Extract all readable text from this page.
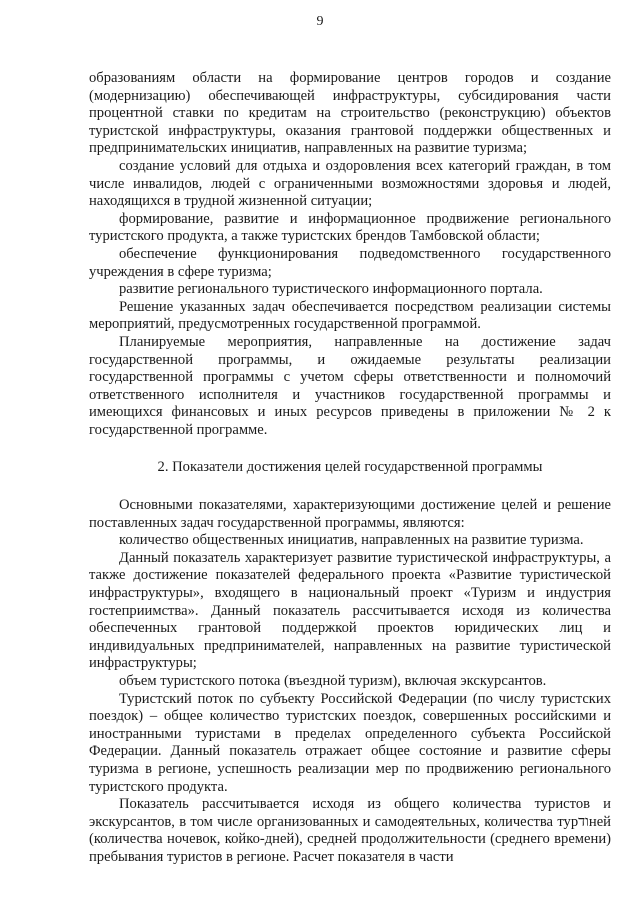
9

образованиям области на формирование центров городов и создание (модернизацию) обеспечивающей инфраструктуры, субсидирования части процентной ставки по кредитам на строительство (реконструкцию) объектов туристской инфраструктуры, оказания грантовой поддержки общественных и предпринимательских инициатив, направленных на развитие туризма;

создание условий для отдыха и оздоровления всех категорий граждан, в том числе инвалидов, людей с ограниченными возможностями здоровья и людей, находящихся в трудной жизненной ситуации;

формирование, развитие и информационное продвижение регионального туристского продукта, а также туристских брендов Тамбовской области;

обеспечение функционирования подведомственного государственного учреждения в сфере туризма;

развитие регионального туристического информационного портала.

Решение указанных задач обеспечивается посредством реализации системы мероприятий, предусмотренных государственной программой.

Планируемые мероприятия, направленные на достижение задач государственной программы, и ожидаемые результаты реализации государственной программы с учетом сферы ответственности и полномочий ответственного исполнителя и участников государственной программы и имеющихся финансовых и иных ресурсов приведены в приложении № 2 к государственной программе.

2. Показатели достижения целей государственной программы

Основными показателями, характеризующими достижение целей и решение поставленных задач государственной программы, являются:

количество общественных инициатив, направленных на развитие туризма.

Данный показатель характеризует развитие туристической инфраструктуры, а также достижение показателей федерального проекта «Развитие туристической инфраструктуры», входящего в национальный проект «Туризм и индустрия гостеприимства». Данный показатель рассчитывается исходя из количества обеспеченных грантовой поддержкой проектов юридических лиц и индивидуальных предпринимателей, направленных на развитие туристической инфраструктуры;

объем туристского потока (въездной туризм), включая экскурсантов.

Туристский поток по субъекту Российской Федерации (по числу туристских поездок) – общее количество туристских поездок, совершенных российскими и иностранными туристами в пределах определенного субъекта Российской Федерации. Данный показатель отражает общее состояние и развитие сферы туризма в регионе, успешность реализации мер по продвижению регионального туристского продукта.

Показатель рассчитывается исходя из общего количества туристов и экскурсантов, в том числе организованных и самодеятельных, количества турודней (количества ночевок, койко-дней), средней продолжительности (среднего времени) пребывания туристов в регионе. Расчет показателя в части
